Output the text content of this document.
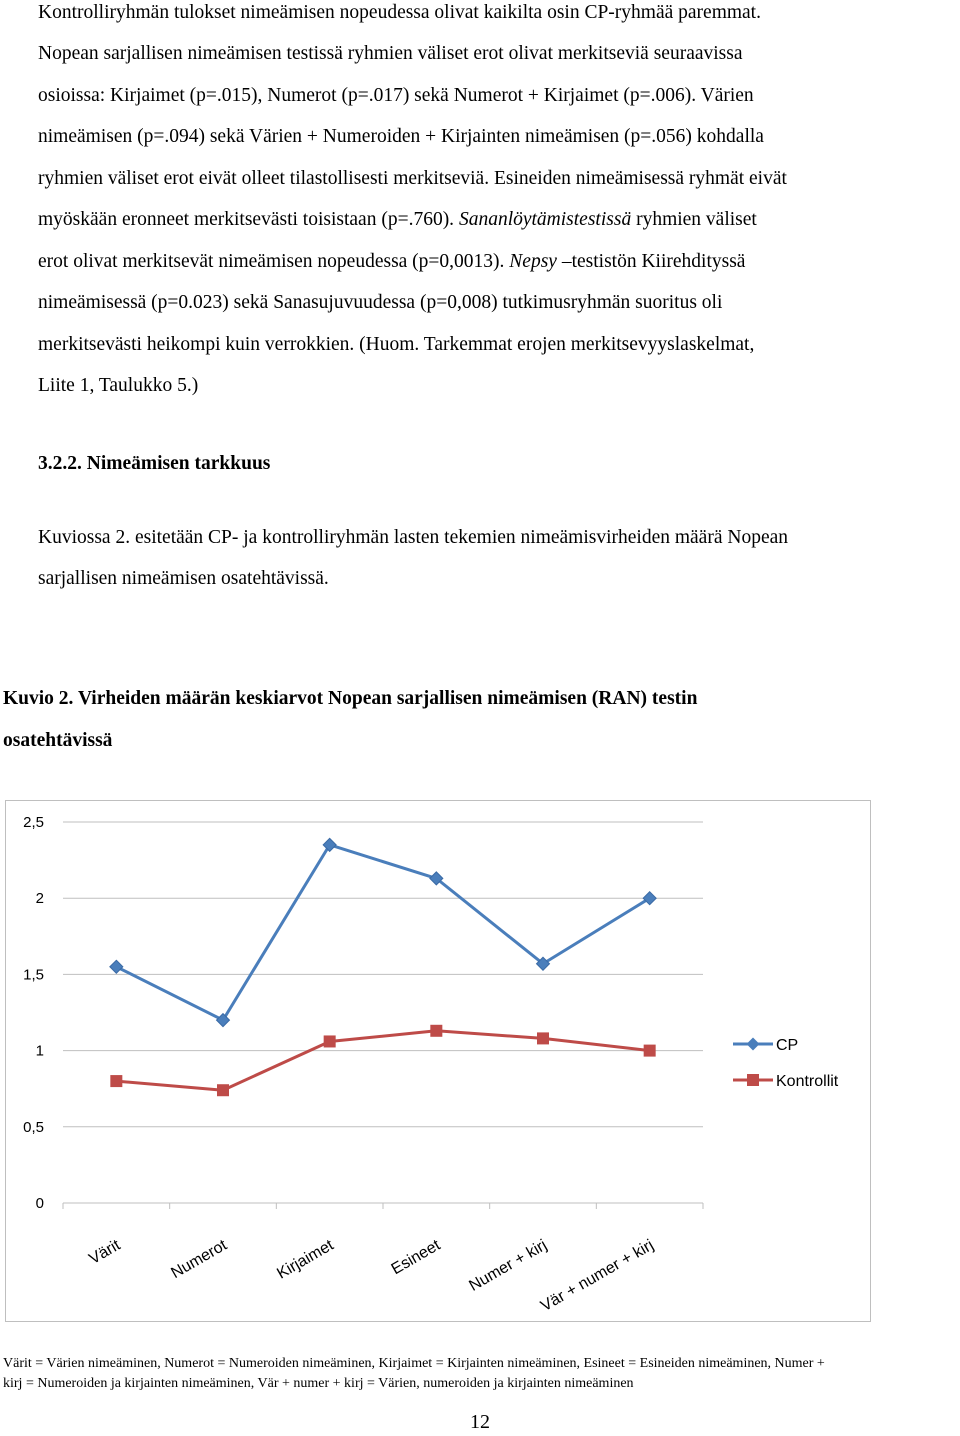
Kontrolliryhmän tulokset nimeämisen nopeudessa olivat kaikilta osin CP-ryhmää paremmat.

Nopean sarjallisen nimeämisen testissä ryhmien väliset erot olivat merkitseviä seuraavissa

osioissa: Kirjaimet (p=.015), Numerot (p=.017) sekä Numerot + Kirjaimet (p=.006). Värien

nimeämisen (p=.094) sekä Värien + Numeroiden + Kirjainten nimeämisen (p=.056) kohdalla

ryhmien väliset erot eivät olleet tilastollisesti merkitseviä. Esineiden nimeämisessä ryhmät eivät

myöskään eronneet merkitsevästi toisistaan (p=.760). Sananlöytämistestissä ryhmien väliset

erot olivat merkitsevät nimeämisen nopeudessa (p=0,0013). Nepsy –testistön Kiirehdityssä

nimeämisessä (p=0.023) sekä Sanasujuvuudessa (p=0,008) tutkimusryhmän suoritus oli

merkitsevästi heikompi kuin verrokkien. (Huom. Tarkemmat erojen merkitsevyyslaskelmat,

Liite 1, Taulukko 5.)

3.2.2. Nimeämisen tarkkuus

Kuviossa 2. esitetään CP- ja kontrolliryhmän lasten tekemien nimeämisvirheiden määrä Nopean

sarjallisen nimeämisen osatehtävissä.

Kuvio 2. Virheiden määrän keskiarvot Nopean sarjallisen nimeämisen (RAN) testin

osatehtävissä

2,5
2
1,5
1
0,5
0
Värit	Numerot	Kirjaimet	Esineet Numer + kirj
Vär + numer + kirj
CP
Kontrollit

Värit = Värien nimeäminen, Numerot = Numeroiden nimeäminen, Kirjaimet = Kirjainten nimeäminen, Esineet = Esineiden nimeäminen, Numer +

kirj = Numeroiden ja kirjainten nimeäminen, Vär + numer + kirj = Värien, numeroiden ja kirjainten nimeäminen

12
